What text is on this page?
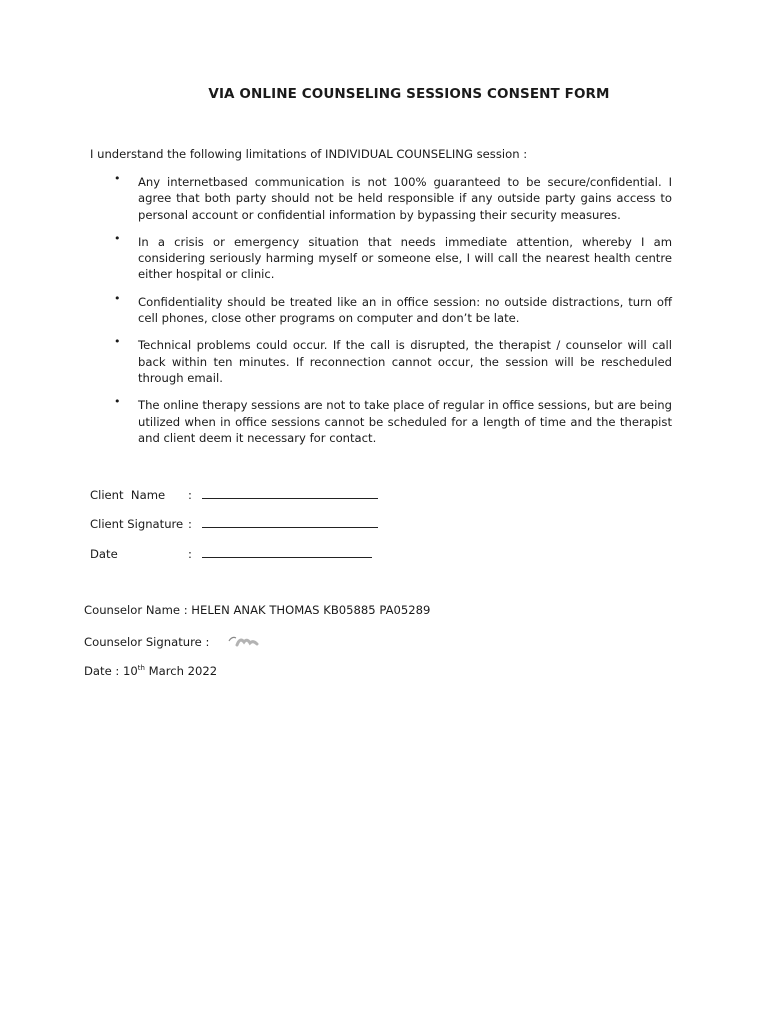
VIA ONLINE COUNSELING SESSIONS CONSENT FORM
I understand the following limitations of INDIVIDUAL COUNSELING session :
• Any internetbased communication is not 100% guaranteed to be secure/confidential. I agree that both party should not be held responsible if any outside party gains access to personal account or confidential information by bypassing their security measures.
• In a crisis or emergency situation that needs immediate attention, whereby I am considering seriously harming myself or someone else, I will call the nearest health centre either hospital or clinic.
• Confidentiality should be treated like an in office session: no outside distractions, turn off cell phones, close other programs on computer and don’t be late.
• Technical problems could occur. If the call is disrupted, the therapist / counselor will call back within ten minutes. If reconnection cannot occur, the session will be rescheduled through email.
• The online therapy sessions are not to take place of regular in office sessions, but are being utilized when in office sessions cannot be scheduled for a length of time and the therapist and client deem it necessary for contact.
Client  Name	:
Client Signature :
Date	:
Counselor Name : HELEN ANAK THOMAS KB05885 PA05289
Counselor Signature :
Date : 10th March 2022
